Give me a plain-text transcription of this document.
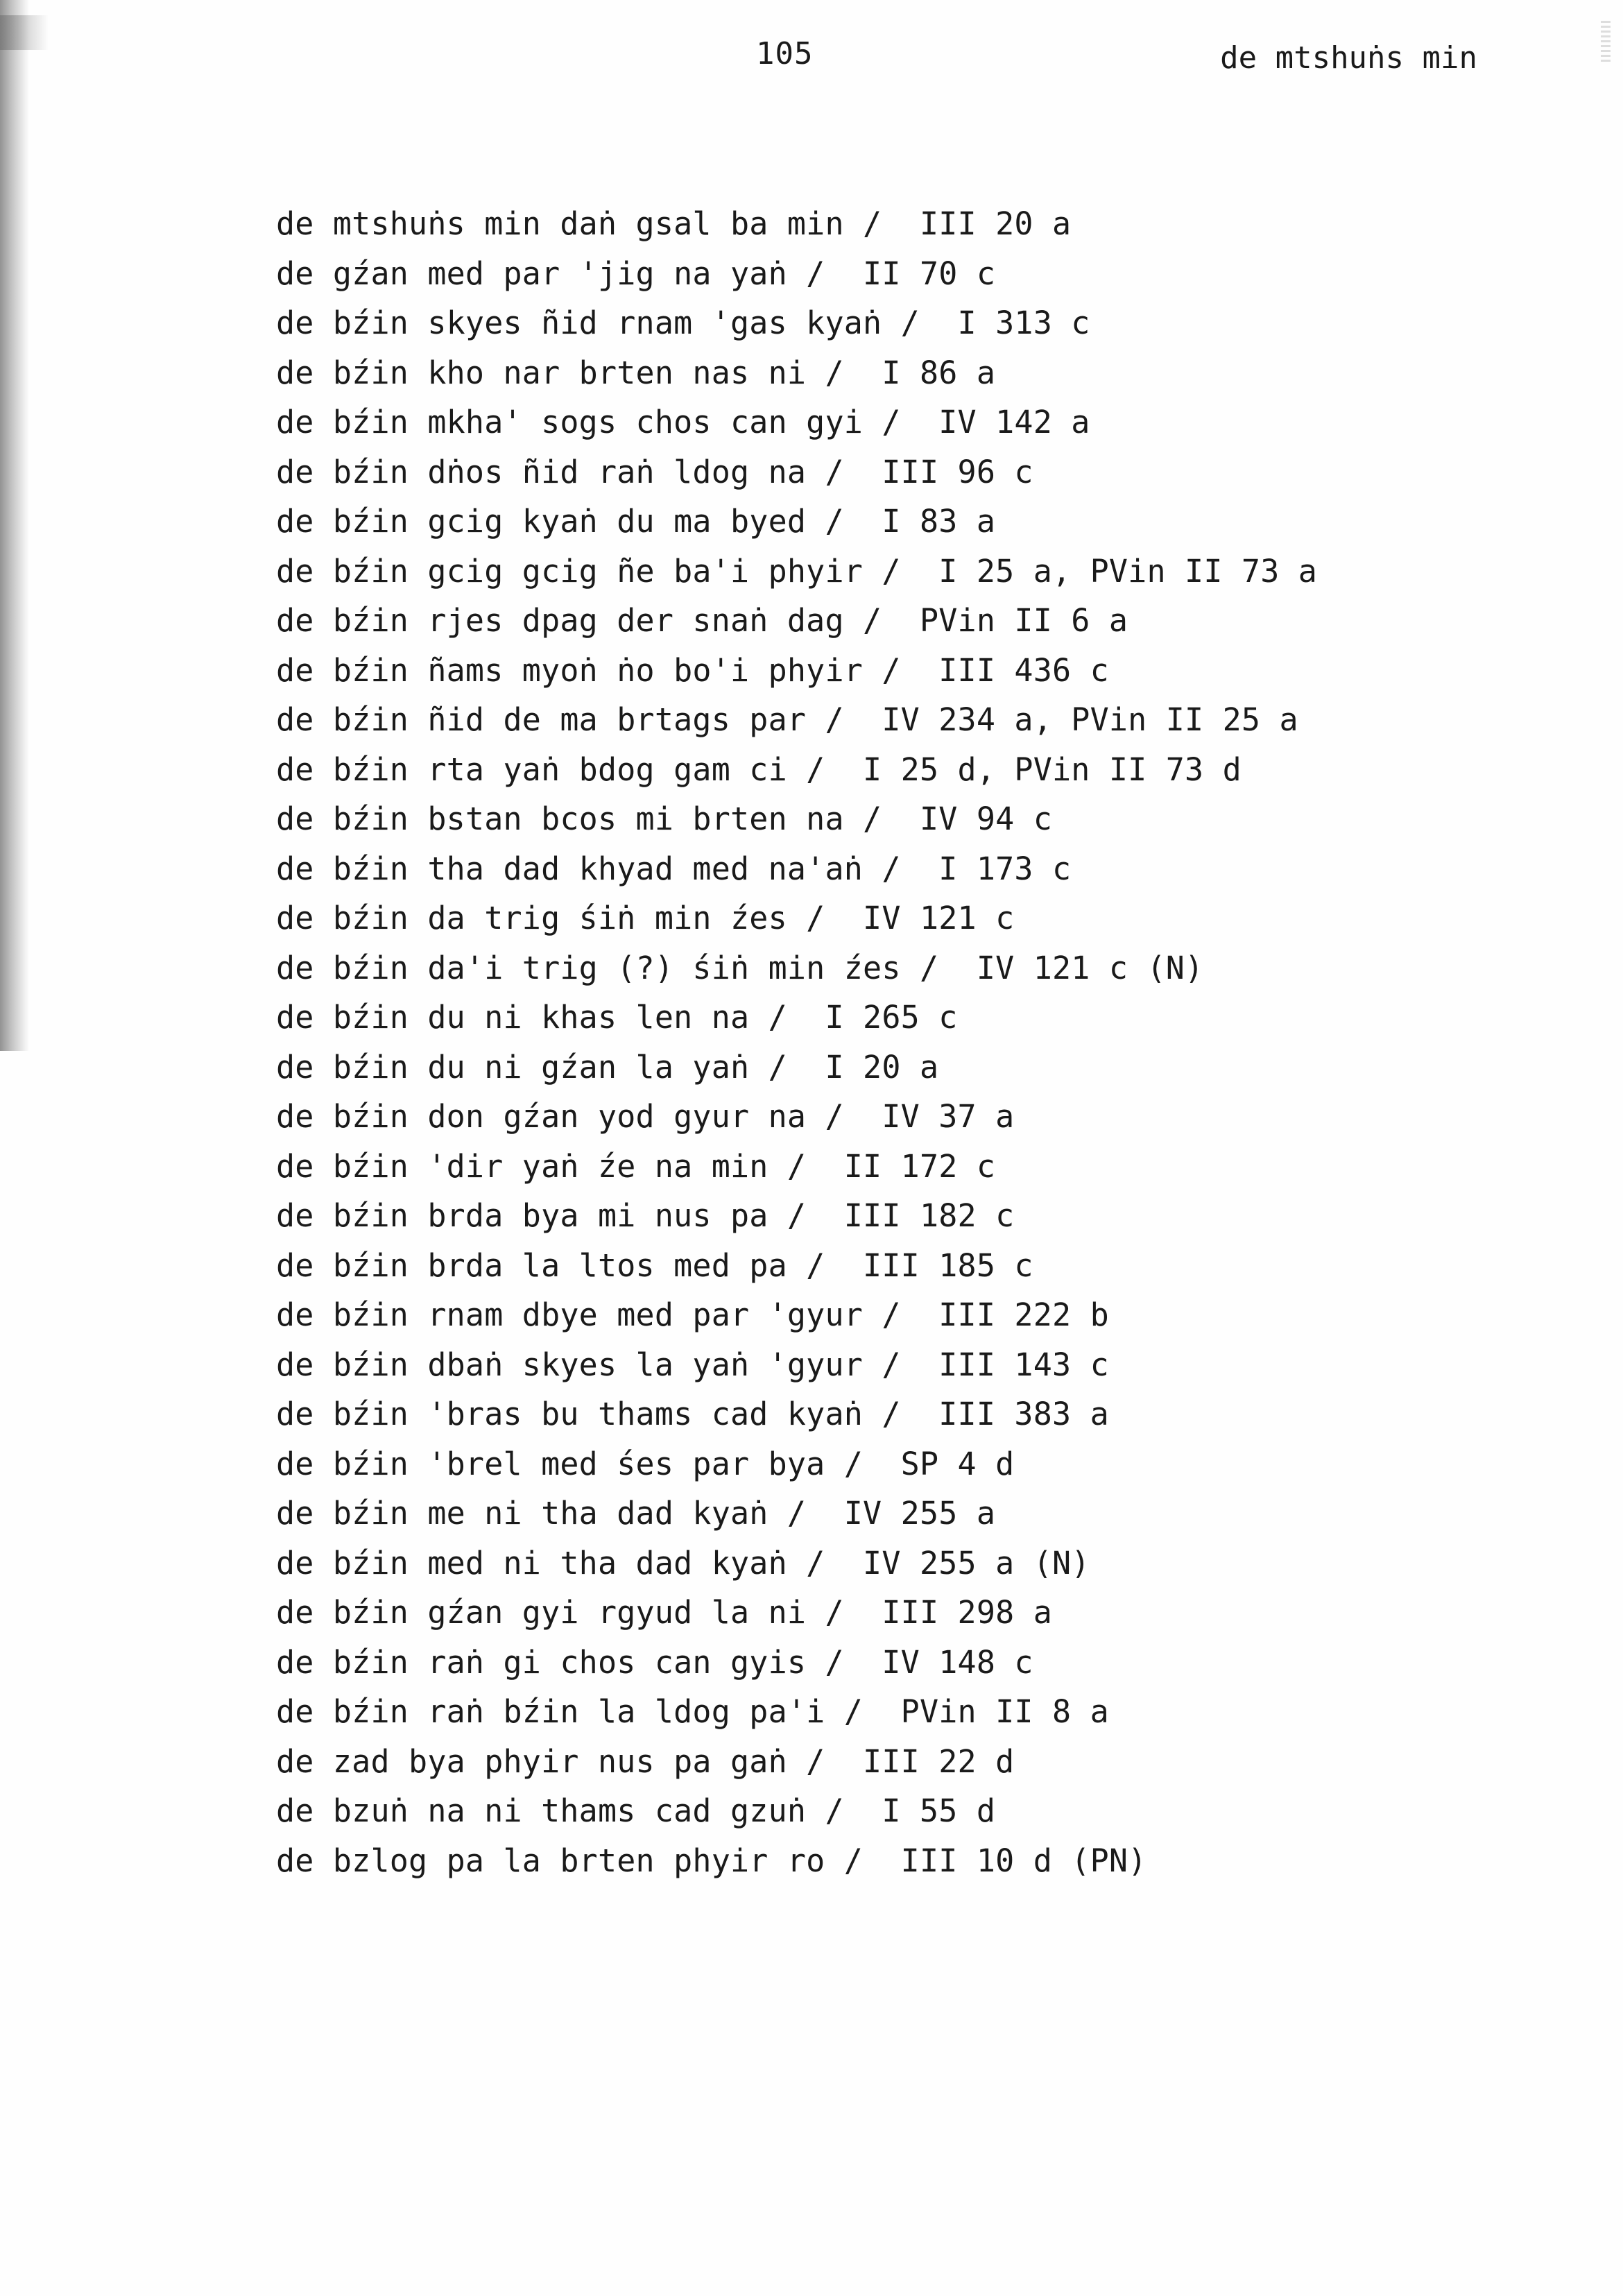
105	de mtshuṅs min
de mtshuṅs min daṅ gsal ba min /  III 20 a
de gźan med par 'jig na yaṅ /  II 70 c
de bźin skyes ñid rnam 'gas kyaṅ /  I 313 c
de bźin kho nar brten nas ni /  I 86 a
de bźin mkha' sogs chos can gyi /  IV 142 a
de bźin dṅos ñid raṅ ldog na /  III 96 c
de bźin gcig kyaṅ du ma byed /  I 83 a
de bźin gcig gcig ñe ba'i phyir /  I 25 a, PVin II 73 a
de bźin rjes dpag der snaṅ dag /  PVin II 6 a
de bźin ñams myoṅ ṅo bo'i phyir /  III 436 c
de bźin ñid de ma brtags par /  IV 234 a, PVin II 25 a
de bźin rta yaṅ bdog gam ci /  I 25 d, PVin II 73 d
de bźin bstan bcos mi brten na /  IV 94 c
de bźin tha dad khyad med na'aṅ /  I 173 c
de bźin da trig śiṅ min źes /  IV 121 c
de bźin da'i trig (?) śiṅ min źes /  IV 121 c (N)
de bźin du ni khas len na /  I 265 c
de bźin du ni gźan la yaṅ /  I 20 a
de bźin don gźan yod gyur na /  IV 37 a
de bźin 'dir yaṅ źe na min /  II 172 c
de bźin brda bya mi nus pa /  III 182 c
de bźin brda la ltos med pa /  III 185 c
de bźin rnam dbye med par 'gyur /  III 222 b
de bźin dbaṅ skyes la yaṅ 'gyur /  III 143 c
de bźin 'bras bu thams cad kyaṅ /  III 383 a
de bźin 'brel med śes par bya /  SP 4 d
de bźin me ni tha dad kyaṅ /  IV 255 a
de bźin med ni tha dad kyaṅ /  IV 255 a (N)
de bźin gźan gyi rgyud la ni /  III 298 a
de bźin raṅ gi chos can gyis /  IV 148 c
de bźin raṅ bźin la ldog pa'i /  PVin II 8 a
de zad bya phyir nus pa gaṅ /  III 22 d
de bzuṅ na ni thams cad gzuṅ /  I 55 d
de bzlog pa la brten phyir ro /  III 10 d (PN)
